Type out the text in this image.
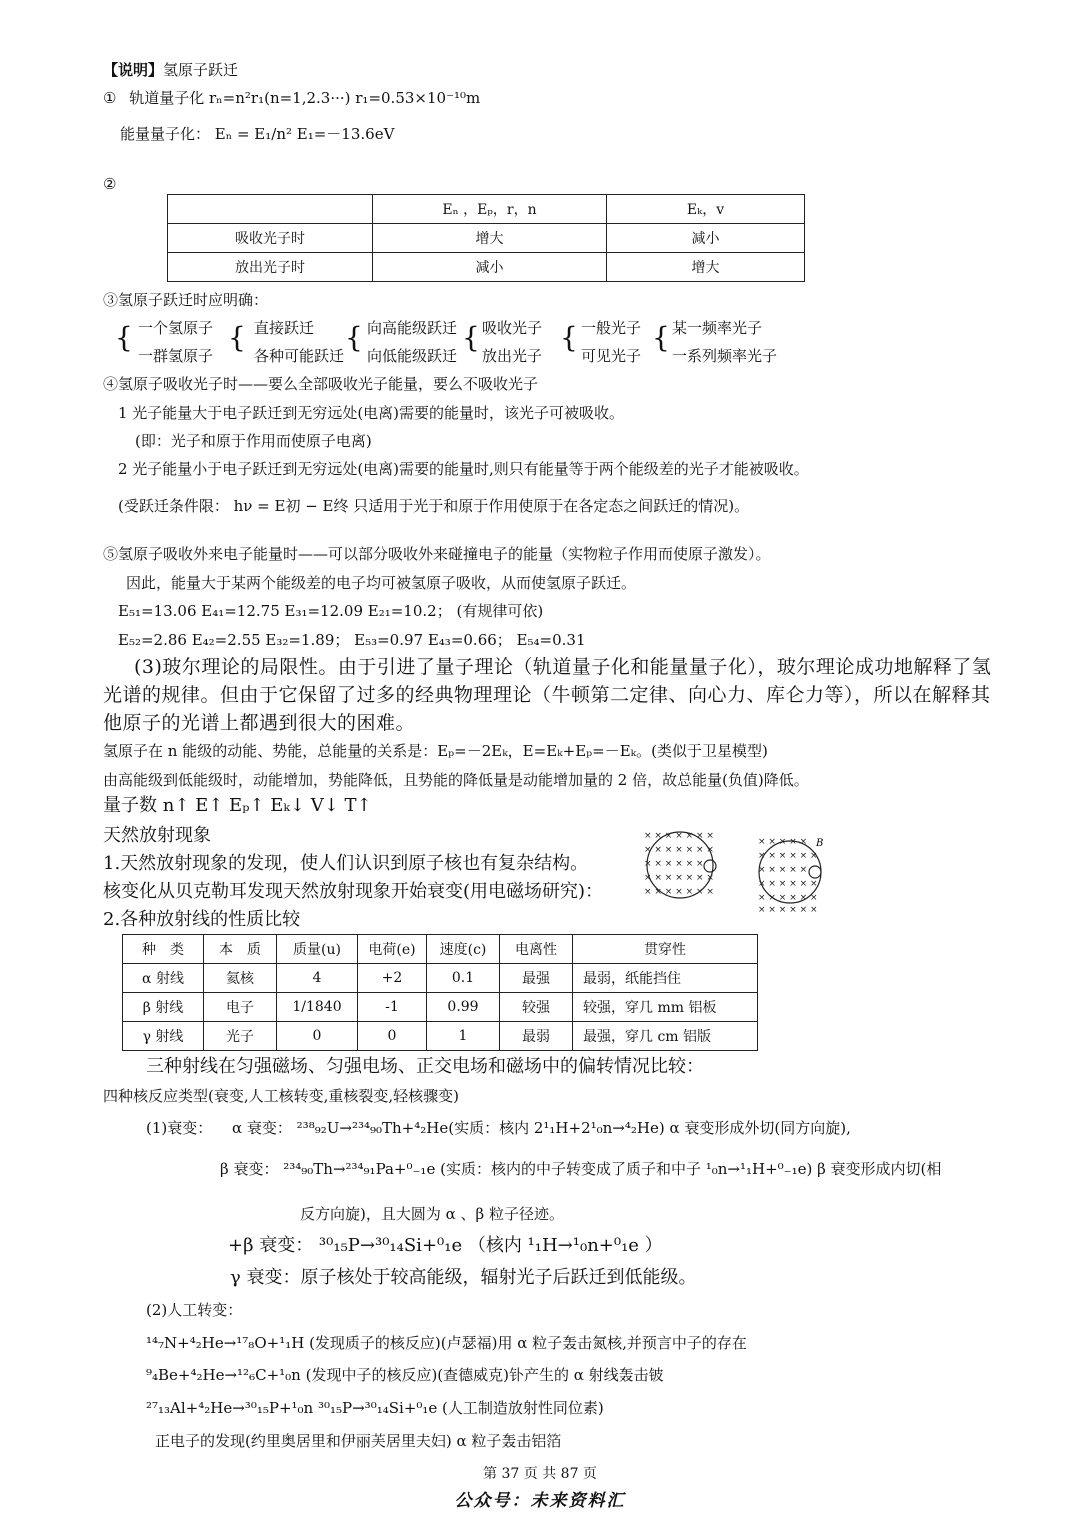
【说明】氢原子跃迁
① 轨道量子化 rₙ=n²r₁(n=1,2.3···) r₁=0.53×10⁻¹⁰m
能量量子化： Eₙ = E₁/n² E₁=－13.6eV
②
	Eₙ ，Eₚ，r，n	Eₖ，v
吸收光子时	增大	减小
放出光子时	减小	增大
③氢原子跃迁时应明确：
{	{	{	{	{	{
一个氢原子	直接跃迁	向高能级跃迁 吸收光子	一般光子 某一频率光子
一群氢原子	各种可能跃迁 向低能级跃迁 放出光子	可见光子 一系列频率光子
④氢原子吸收光子时——要么全部吸收光子能量，要么不吸收光子
1 光子能量大于电子跃迁到无穷远处(电离)需要的能量时，该光子可被吸收。
(即：光子和原于作用而使原子电离)
2 光子能量小于电子跃迁到无穷远处(电离)需要的能量时,则只有能量等于两个能级差的光子才能被吸收。
(受跃迁条件限： hν = E初 − E终 只适用于光于和原于作用使原于在各定态之间跃迁的情况)。
⑤氢原子吸收外来电子能量时——可以部分吸收外来碰撞电子的能量（实物粒子作用而使原子激发）。
因此，能量大于某两个能级差的电子均可被氢原子吸收，从而使氢原子跃迁。
E₅₁=13.06 E₄₁=12.75 E₃₁=12.09 E₂₁=10.2； (有规律可依)
E₅₂=2.86 E₄₂=2.55 E₃₂=1.89； E₅₃=0.97 E₄₃=0.66； E₅₄=0.31
(3)玻尔理论的局限性。由于引进了量子理论（轨道量子化和能量量子化），玻尔理论成功地解释了氢
光谱的规律。但由于它保留了过多的经典物理理论（牛顿第二定律、向心力、库仑力等），所以在解释其
他原子的光谱上都遇到很大的困难。
氢原子在 n 能级的动能、势能，总能量的关系是：Eₚ=－2Eₖ，E=Eₖ+Eₚ=－Eₖ。(类似于卫星模型)
由高能级到低能级时，动能增加，势能降低，且势能的降低量是动能增加量的 2 倍，故总能量(负值)降低。
量子数 n↑ E↑ Eₚ↑ Eₖ↓ V↓ T↑
天然放射现象
1.天然放射现象的发现，使人们认识到原子核也有复杂结构。
核变化从贝克勒耳发现天然放射现象开始衰变(用电磁场研究)：
2.各种放射线的性质比较
× × × × × × ×
× × × × × × ×
× × × × × ×
× × × × × × ×
× × × × × × ×
× × × × ×
× × × × × ×
× × × × ×
× × × × × ×
× × × × × ×
× × × × × ×
B
种　类	本　质	质量(u)	电荷(e)	速度(c)	电离性	贯穿性
α 射线	氦核	4	+2	0.1	最强	最弱，纸能挡住
β 射线	电子	1/1840	-1	0.99	较强	较强，穿几 mm 铝板
γ 射线	光子	0	0	1	最弱	最强，穿几 cm 铝版
三种射线在匀强磁场、匀强电场、正交电场和磁场中的偏转情况比较：
四种核反应类型(衰变,人工核转变,重核裂变,轻核骤变)
(1)衰变： α 衰变： ²³⁸₉₂U→²³⁴₉₀Th+⁴₂He(实质：核内 2¹₁H+2¹₀n→⁴₂He) α 衰变形成外切(同方向旋),
β 衰变： ²³⁴₉₀Th→²³⁴₉₁Pa+⁰₋₁e (实质：核内的中子转变成了质子和中子 ¹₀n→¹₁H+⁰₋₁e) β 衰变形成内切(相
反方向旋)，且大圆为 α 、β 粒子径迹。
+β 衰变： ³⁰₁₅P→³⁰₁₄Si+⁰₁e （核内 ¹₁H→¹₀n+⁰₁e ）
γ 衰变：原子核处于较高能级，辐射光子后跃迁到低能级。
(2)人工转变：
¹⁴₇N+⁴₂He→¹⁷₈O+¹₁H (发现质子的核反应)(卢瑟福)用 α 粒子轰击氮核,并预言中子的存在
⁹₄Be+⁴₂He→¹²₆C+¹₀n (发现中子的核反应)(查德威克)钋产生的 α 射线轰击铍
²⁷₁₃Al+⁴₂He→³⁰₁₅P+¹₀n ³⁰₁₅P→³⁰₁₄Si+⁰₁e (人工制造放射性同位素)
正电子的发现(约里奥居里和伊丽芙居里夫妇) α 粒子轰击铝箔
第 37 页 共 87 页
公众号：未来资料汇
